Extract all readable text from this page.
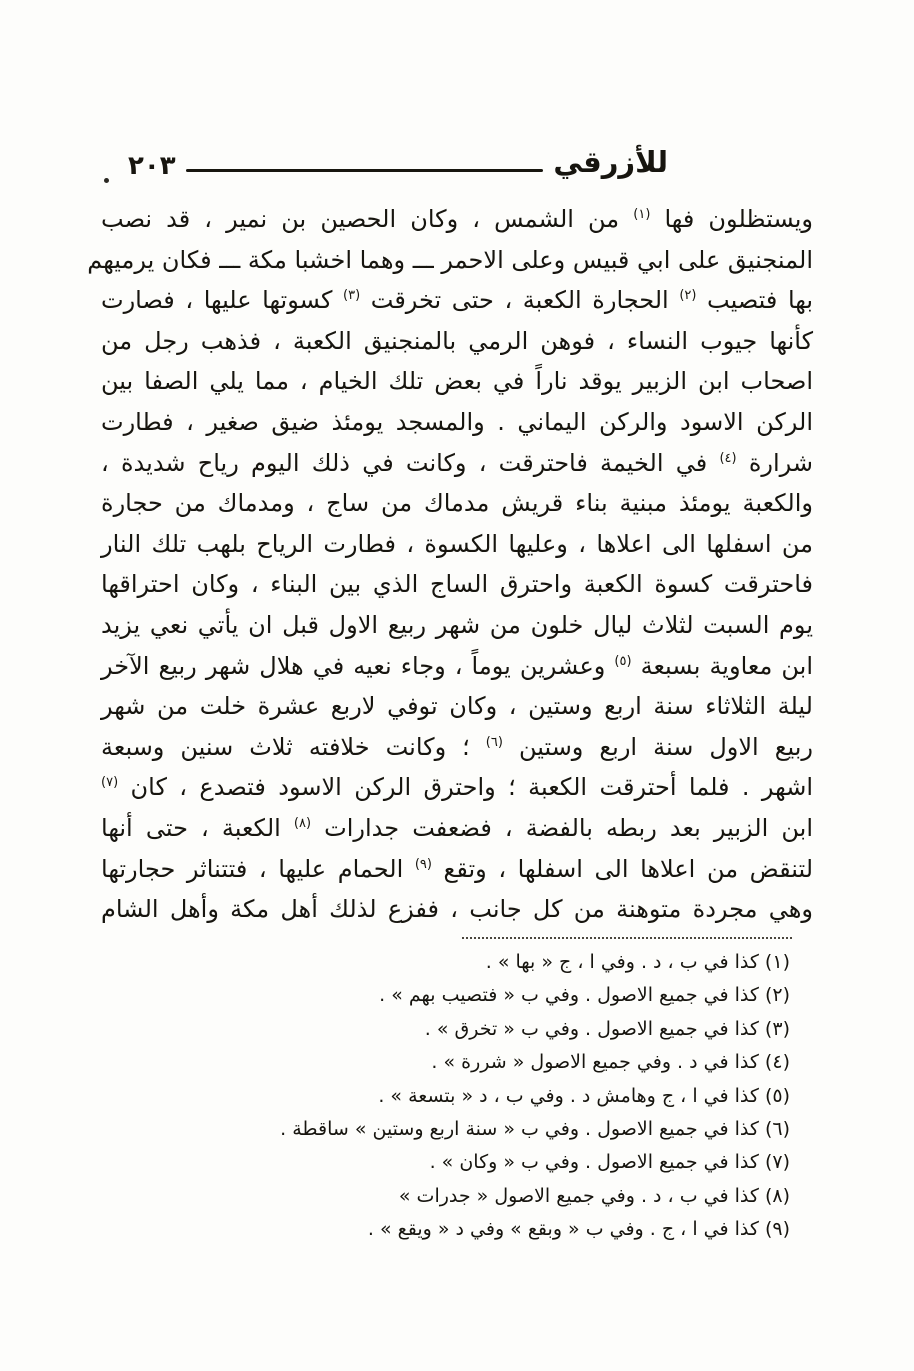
للأزرقي
٢٠٣
ويستظلون فها $^{(١)}$ من الشمس ، وكان الحصين بن نمير ، قد نصب
المنجنيق على ابي قبيس وعلى الاحمر ـــ وهما اخشبا مكة ـــ فكان يرميهم
بها فتصيب $^{(٢)}$ الحجارة الكعبة ، حتى تخرقت $^{(٣)}$ كسوتها عليها ، فصارت
كأنها جيوب النساء ، فوهن الرمي بالمنجنيق الكعبة ، فذهب رجل من
اصحاب ابن الزبير يوقد ناراً في بعض تلك الخيام ، مما يلي الصفا بين
الركن الاسود والركن اليماني . والمسجد يومئذ ضيق صغير ، فطارت
شرارة $^{(٤)}$ في الخيمة فاحترقت ، وكانت في ذلك اليوم رياح شديدة ،
والكعبة يومئذ مبنية بناء قريش مدماك من ساج ، ومدماك من حجارة
من اسفلها الى اعلاها ، وعليها الكسوة ، فطارت الرياح بلهب تلك النار
فاحترقت كسوة الكعبة واحترق الساج الذي بين البناء ، وكان احتراقها
يوم السبت لثلاث ليال خلون من شهر ربيع الاول قبل ان يأتي نعي يزيد
ابن معاوية بسبعة $^{(٥)}$ وعشرين يوماً ، وجاء نعيه في هلال شهر ربيع الآخر
ليلة الثلاثاء سنة اربع وستين ، وكان توفي لاربع عشرة خلت من شهر
ربيع الاول سنة اربع وستين $^{(٦)}$ ؛ وكانت خلافته ثلاث سنين وسبعة
اشهر . فلما أحترقت الكعبة ؛ واحترق الركن الاسود فتصدع ، كان $^{(٧)}$
ابن الزبير بعد ربطه بالفضة ، فضعفت جدارات $^{(٨)}$ الكعبة ، حتى أنها
لتنقض من اعلاها الى اسفلها ، وتقع $^{(٩)}$ الحمام عليها ، فتتناثر حجارتها
وهي مجردة متوهنة من كل جانب ، ففزع لذلك أهل مكة وأهل الشام
(١) كذا في ب ، د . وفي ا ، ج « بها » .
(٢) كذا في جميع الاصول . وفي ب « فتصيب بهم » .
(٣) كذا في جميع الاصول . وفي ب « تخرق » .
(٤) كذا في د . وفي جميع الاصول « شررة » .
(٥) كذا في ا ، ج وهامش د . وفي ب ، د « بتسعة » .
(٦) كذا في جميع الاصول . وفي ب « سنة اربع وستين » ساقطة .
(٧) كذا في جميع الاصول . وفي ب « وكان » .
(٨) كذا في ب ، د . وفي جميع الاصول « جدرات »
(٩) كذا في ا ، ج . وفي ب « وبقع » وفي د « ويقع » .
